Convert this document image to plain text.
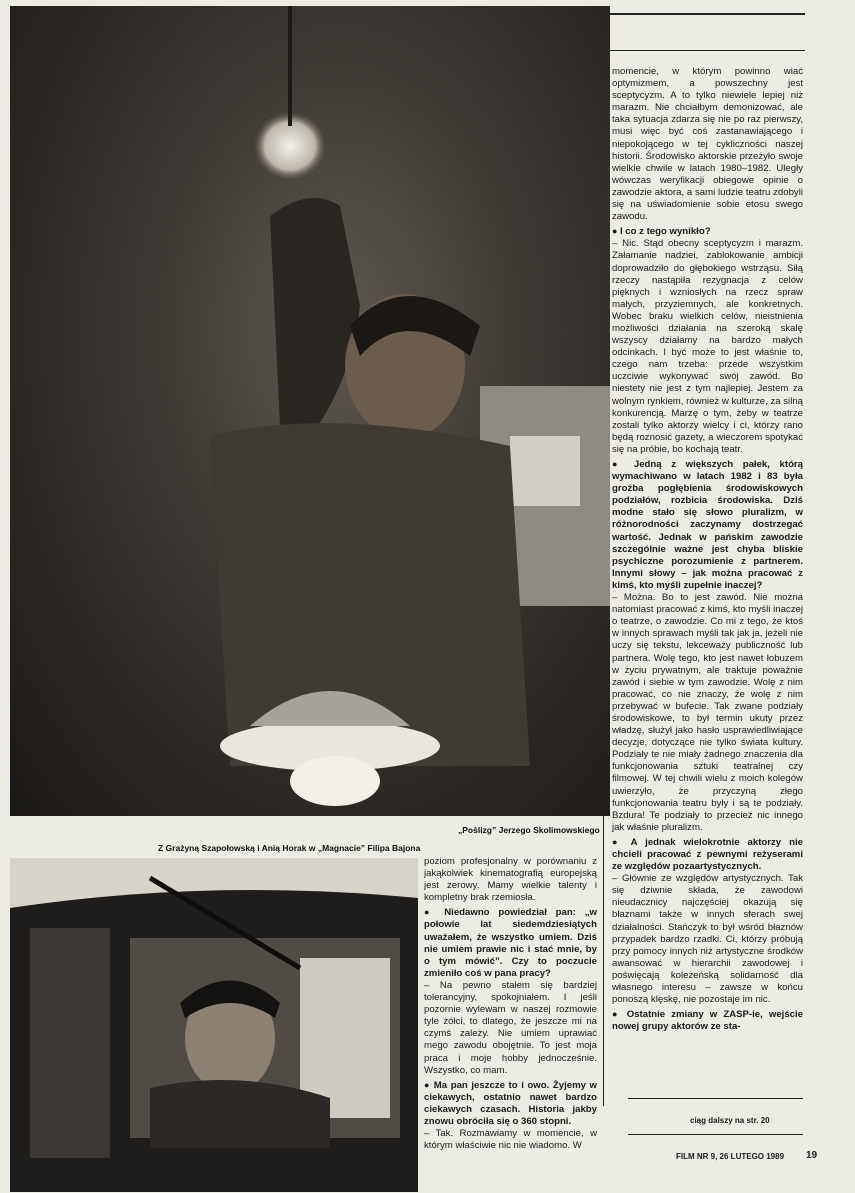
„Poślizg” Jerzego Skolimowskiego
Z Grażyną Szapołowską i Anią Horak w „Magnacie” Filipa Bajona

momencie, w którym powinno wiać optymizmem, a powszechny jest sceptycyzm. A to tylko niewiele lepiej niż marazm. Nie chciałbym demonizować, ale taka sytuacja zdarza się nie po raz pierwszy, musi więc być coś zastanawiającego i niepokojącego w tej cykliczności naszej historii. Środowisko aktorskie przeżyło swoje wielkie chwile w latach 1980–1982. Uległy wówczas weryfikacji obiegowe opinie o zawodzie aktora, a sami ludzie teatru zdobyli się na uświadomienie sobie etosu swego zawodu.

● I co z tego wynikło?

– Nic. Stąd obecny sceptycyzm i marazm. Załamanie nadziei, zablokowanie ambicji doprowadziło do głębokiego wstrząsu. Siłą rzeczy nastąpiła rezygnacja z celów pięknych i wzniosłych na rzecz spraw małych, przyziemnych, ale konkretnych. Wobec braku wielkich celów, nieistnienia możliwości działania na szeroką skalę wszyscy działamy na bardzo małych odcinkach. I być może to jest właśnie to, czego nam trzeba: przede wszystkim uczciwie wykonywać swój zawód. Bo niestety nie jest z tym najlepiej. Jestem za wolnym rynkiem, również w kulturze, za silną konkurencją. Marzę o tym, żeby w teatrze zostali tylko aktorzy wielcy i ci, którzy rano będą roznosić gazety, a wieczorem spotykać się na próbie, bo kochają teatr.

● Jedną z większych pałek, którą wymachiwano w latach 1982 i 83 była groźba pogłębienia środowiskowych podziałów, rozbicia środowiska. Dziś modne stało się słowo pluralizm, w różnorodności zaczynamy dostrzegać wartość. Jednak w pańskim zawodzie szczególnie ważne jest chyba bliskie psychiczne porozumienie z partnerem. Innymi słowy – jak można pracować z kimś, kto myśli zupełnie inaczej?

– Można. Bo to jest zawód. Nie można natomiast pracować z kimś, kto myśli inaczej o teatrze, o zawodzie. Co mi z tego, że ktoś w innych sprawach myśli tak jak ja, jeżeli nie uczy się tekstu, lekceważy publiczność lub partnera. Wolę tego, kto jest nawet łobuzem w życiu prywatnym, ale traktuje poważnie zawód i siebie w tym zawodzie. Wolę z nim pracować, co nie znaczy, że wolę z nim przebywać w bufecie. Tak zwane podziały środowiskowe, to był termin ukuty przez władzę, służył jako hasło usprawiedliwiające decyzje, dotyczące nie tylko świata kultury. Podziały te nie miały żadnego znaczenia dla funkcjonowania sztuki teatralnej czy filmowej. W tej chwili wielu z moich kolegów uwierzyło, że przyczyną złego funkcjonowania teatru były i są te podziały. Bzdura! Te podziały to przecież nic innego jak właśnie pluralizm.

● A jednak wielokrotnie aktorzy nie chcieli pracować z pewnymi reżyserami ze względów pozaartystycznych.

– Głównie ze względów artystycznych. Tak się dziwnie składa, że zawodowi nieudacznicy najczęściej okazują się błaznami także w innych sferach swej działalności. Stańczyk to był wśród błaznów przypadek bardzo rzadki. Ci, którzy próbują przy pomocy innych niż artystyczne środków awansować w hierarchii zawodowej i poświęcają koleżeńską solidarność dla własnego interesu – zawsze w końcu ponoszą klęskę, nie pozostaje im nic.

● Ostatnie zmiany w ZASP-ie, wejście nowej grupy aktorów ze sta-

poziom profesjonalny w porównaniu z jakąkolwiek kinematografią europejską jest zerowy. Mamy wielkie talenty i kompletny brak rzemiosła.

● Niedawno powiedział pan: „w połowie lat siedemdziesiątych uważałem, że wszystko umiem. Dziś nie umiem prawie nic i stać mnie, by o tym mówić”. Czy to poczucie zmieniło coś w pana pracy?

– Na pewno stałem się bardziej tolerancyjny, spokojniałem. I jeśli pozornie wylewam w naszej rozmowie tyle żółci, to dlatego, że jeszcze mi na czymś zależy. Nie umiem uprawiać mego zawodu obojętnie. To jest moja praca i moje hobby jednocześnie. Wszystko, co mam.

● Ma pan jeszcze to i owo. Żyjemy w ciekawych, ostatnio nawet bardzo ciekawych czasach. Historia jakby znowu obróciła się o 360 stopni.

– Tak. Rozmawiamy w momencie, w którym właściwie nic nie wiadomo. W

ciąg dalszy na str. 20
FILM NR 9, 26 LUTEGO 1989 19
